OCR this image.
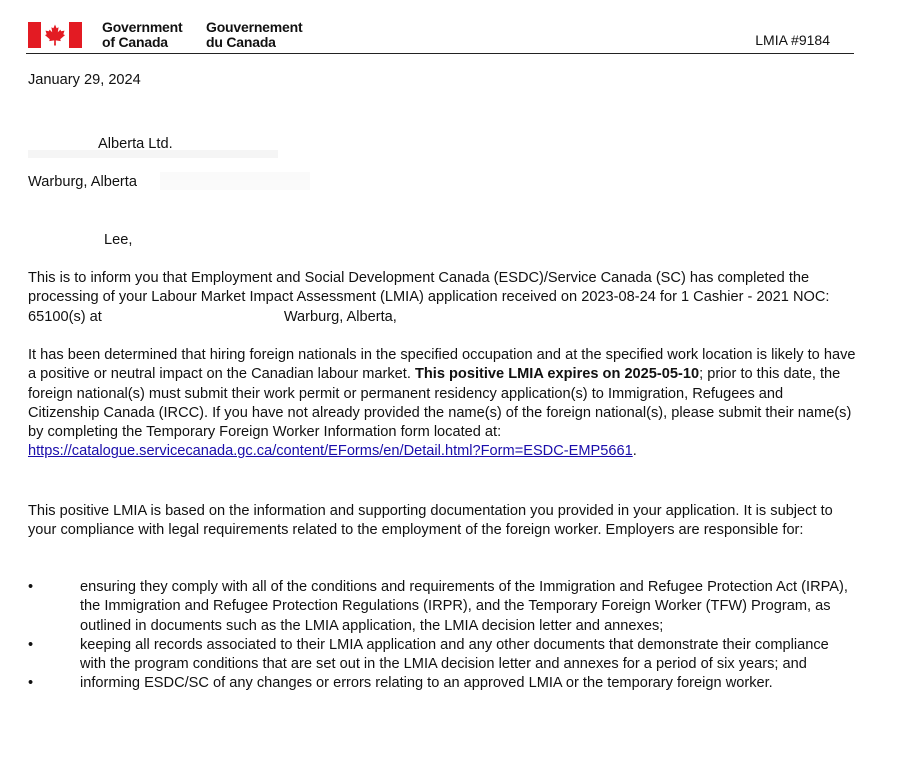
Government
of Canada
Gouvernement
du Canada	LMIA #9184
January 29, 2024
Alberta Ltd.
Warburg, Alberta
Lee,

This is to inform you that Employment and Social Development Canada (ESDC)/Service Canada (SC) has completed the processing of your Labour Market Impact Assessment (LMIA) application received on 2023-08-24 for 1 Cashier - 2021 NOC: 65100(s) at	Warburg, Alberta,

It has been determined that hiring foreign nationals in the specified occupation and at the specified work location is likely to have a positive or neutral impact on the Canadian labour market. This positive LMIA expires on 2025-05-10; prior to this date, the foreign national(s) must submit their work permit or permanent residency application(s) to Immigration, Refugees and Citizenship Canada (IRCC). If you have not already provided the name(s) of the foreign national(s), please submit their name(s) by completing the Temporary Foreign Worker Information form located at: https://catalogue.servicecanada.gc.ca/content/EForms/en/Detail.html?Form=ESDC-EMP5661.

This positive LMIA is based on the information and supporting documentation you provided in your application. It is subject to your compliance with legal requirements related to the employment of the foreign worker. Employers are responsible for:

•	ensuring they comply with all of the conditions and requirements of the Immigration and Refugee Protection Act (IRPA), the Immigration and Refugee Protection Regulations (IRPR), and the Temporary Foreign Worker (TFW) Program, as outlined in documents such as the LMIA application, the LMIA decision letter and annexes;

•	keeping all records associated to their LMIA application and any other documents that demonstrate their compliance with the program conditions that are set out in the LMIA decision letter and annexes for a period of six years; and

•	informing ESDC/SC of any changes or errors relating to an approved LMIA or the temporary foreign worker.
